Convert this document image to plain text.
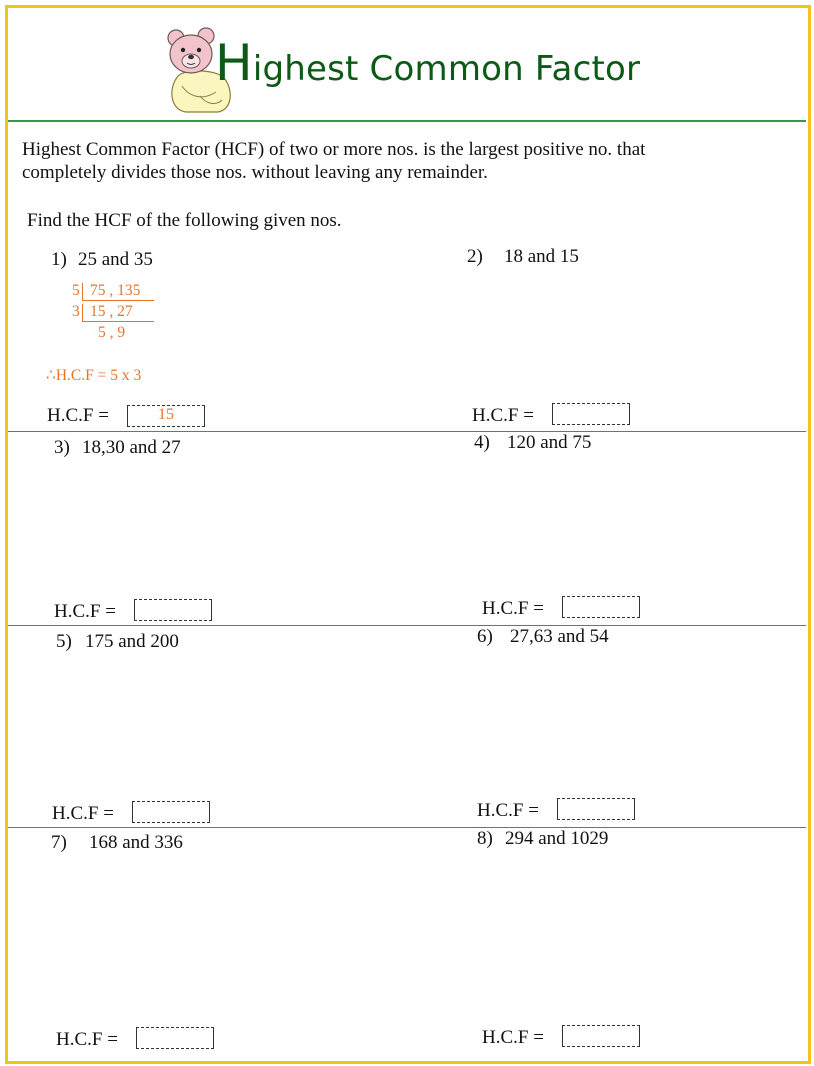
Highest Common Factor
Highest Common Factor (HCF) of two or more nos. is the largest positive no. that
completely divides those nos. without leaving any remainder.
Find the HCF of the following given nos.
1) 25 and 35
5 75 , 135
3 15 , 27
5 , 9
∴H.C.F = 5 x 3
H.C.F =	15
2) 18 and 15
H.C.F =
3) 18,30 and 27
H.C.F =
4) 120 and 75
H.C.F =
5) 175 and 200
H.C.F =
6) 27,63 and 54
H.C.F =
7) 168 and 336
H.C.F =
8) 294 and 1029
H.C.F =
